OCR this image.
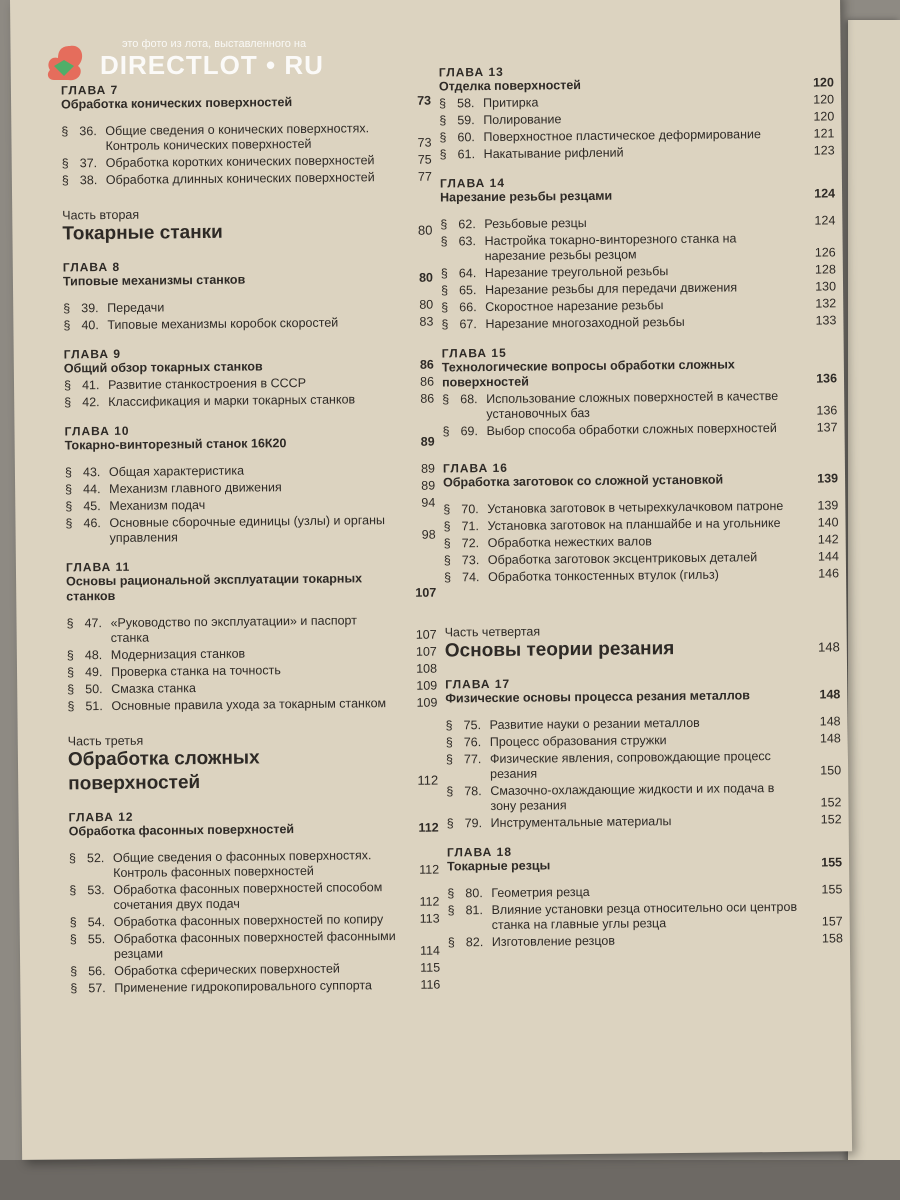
ГЛАВА 7
Обработка конических поверхностей	73
§ 36. Общие сведения о конических поверхностях. Контроль конических поверхностей	73
§ 37. Обработка коротких конических поверхностей	75
§ 38. Обработка длинных конических поверхностей	77
Часть вторая
Токарные станки	80
ГЛАВА 8
Типовые механизмы станков	80
§ 39. Передачи	80
§ 40. Типовые механизмы коробок скоростей	83
ГЛАВА 9
Общий обзор токарных станков	86
§ 41. Развитие станкостроения в СССР	86
§ 42. Классификация и марки токарных станков	86
ГЛАВА 10
Токарно-винторезный станок 16К20	89
§ 43. Общая характеристика	89
§ 44. Механизм главного движения	89
§ 45. Механизм подач	94
§ 46. Основные сборочные единицы (узлы) и органы управления	98
ГЛАВА 11
Основы рациональной эксплуатации токарных станков	107
§ 47. «Руководство по эксплуатации» и паспорт станка	107
§ 48. Модернизация станков	107
§ 49. Проверка станка на точность	108
§ 50. Смазка станка	109
§ 51. Основные правила ухода за токарным станком	109
Часть третья
Обработка сложных поверхностей	112
ГЛАВА 12
Обработка фасонных поверхностей	112
§ 52. Общие сведения о фасонных поверхностях. Контроль фасонных поверхностей	112
§ 53. Обработка фасонных поверхностей способом сочетания двух подач	112
§ 54. Обработка фасонных поверхностей по копиру	113
§ 55. Обработка фасонных поверхностей фасонными резцами	114
§ 56. Обработка сферических поверхностей	115
§ 57. Применение гидрокопировального суппорта	116
ГЛАВА 13
Отделка поверхностей	120
§ 58. Притирка	120
§ 59. Полирование	120
§ 60. Поверхностное пластическое деформирование	121
§ 61. Накатывание рифлений	123
ГЛАВА 14
Нарезание резьбы резцами	124
§ 62. Резьбовые резцы	124
§ 63. Настройка токарно-винторезного станка на нарезание резьбы резцом	126
§ 64. Нарезание треугольной резьбы	128
§ 65. Нарезание резьбы для передачи движения	130
§ 66. Скоростное нарезание резьбы	132
§ 67. Нарезание многозаходной резьбы	133
ГЛАВА 15
Технологические вопросы обработки сложных поверхностей	136
§ 68. Использование сложных поверхностей в качестве установочных баз	136
§ 69. Выбор способа обработки сложных поверхностей	137
ГЛАВА 16
Обработка заготовок со сложной установкой	139
§ 70. Установка заготовок в четырехкулачковом патроне	139
§ 71. Установка заготовок на планшайбе и на угольнике	140
§ 72. Обработка нежестких валов	142
§ 73. Обработка заготовок эксцентриковых деталей	144
§ 74. Обработка тонкостенных втулок (гильз)	146
Часть четвертая
Основы теории резания	148
ГЛАВА 17
Физические основы процесса резания металлов	148
§ 75. Развитие науки о резании металлов	148
§ 76. Процесс образования стружки	148
§ 77. Физические явления, сопровождающие процесс резания	150
§ 78. Смазочно-охлаждающие жидкости и их подача в зону резания	152
§ 79. Инструментальные материалы	152
ГЛАВА 18
Токарные резцы	155
§ 80. Геометрия резца	155
§ 81. Влияние установки резца относительно оси центров станка на главные углы резца	157
§ 82. Изготовление резцов	158
это фото из лота, выставленного на
DIRECTLOT • RU
